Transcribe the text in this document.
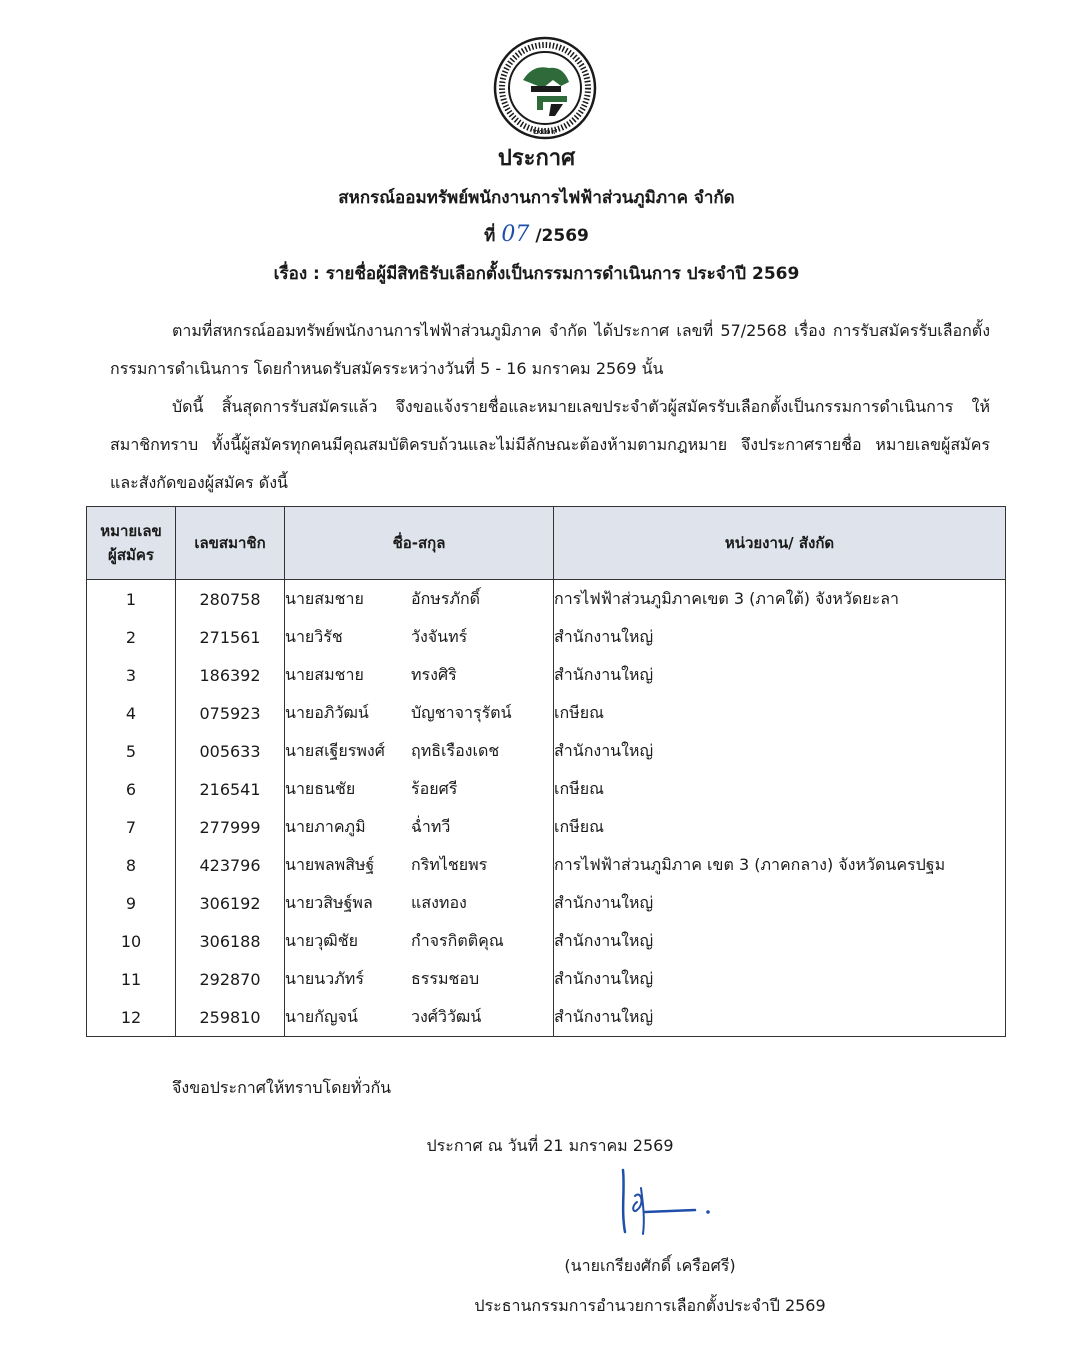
๒๕๑๙
ประกาศ
สหกรณ์ออมทรัพย์พนักงานการไฟฟ้าส่วนภูมิภาค จำกัด
ที่ 07 /2569
เรื่อง : รายชื่อผู้มีสิทธิรับเลือกตั้งเป็นกรรมการดำเนินการ ประจำปี 2569

ตามที่สหกรณ์ออมทรัพย์พนักงานการไฟฟ้าส่วนภูมิภาค จำกัด ได้ประกาศ เลขที่ 57/2568 เรื่อง การรับสมัครรับเลือกตั้งกรรมการดำเนินการ โดยกำหนดรับสมัครระหว่างวันที่ 5 - 16 มกราคม 2569 นั้น

บัดนี้ สิ้นสุดการรับสมัครแล้ว จึงขอแจ้งรายชื่อและหมายเลขประจำตัวผู้สมัครรับเลือกตั้งเป็นกรรมการดำเนินการ ให้สมาชิกทราบ ทั้งนี้ผู้สมัครทุกคนมีคุณสมบัติครบถ้วนและไม่มีลักษณะต้องห้ามตามกฎหมาย จึงประกาศรายชื่อ หมายเลขผู้สมัคร และสังกัดของผู้สมัคร ดังนี้

หมายเลข
ผู้สมัคร	เลขสมาชิก	ชื่อ-สกุล	หน่วยงาน/ สังกัด
1	280758	นายสมชาย อักษรภักดิ์	การไฟฟ้าส่วนภูมิภาคเขต 3 (ภาคใต้) จังหวัดยะลา
2	271561	นายวิรัช วังจันทร์	สำนักงานใหญ่
3	186392	นายสมชาย ทรงศิริ	สำนักงานใหญ่
4	075923	นายอภิวัฒน์ บัญชาจารุรัตน์	เกษียณ
5	005633	นายสเฐียรพงศ์ ฤทธิเรืองเดช	สำนักงานใหญ่
6	216541	นายธนชัย ร้อยศรี	เกษียณ
7	277999	นายภาคภูมิ ฉ่ำทวี	เกษียณ
8	423796	นายพลพสิษฐ์ กริทไชยพร	การไฟฟ้าส่วนภูมิภาค เขต 3 (ภาคกลาง) จังหวัดนครปฐม
9	306192	นายวสิษฐ์พล แสงทอง	สำนักงานใหญ่
10	306188	นายวุฒิชัย กำจรกิตติคุณ	สำนักงานใหญ่
11	292870	นายนวภัทร์ ธรรมชอบ	สำนักงานใหญ่
12	259810	นายกัญจน์ วงศ์วิวัฒน์	สำนักงานใหญ่
จึงขอประกาศให้ทราบโดยทั่วกัน
ประกาศ ณ วันที่ 21 มกราคม 2569
(นายเกรียงศักดิ์ เครือศรี)
ประธานกรรมการอำนวยการเลือกตั้งประจำปี 2569
